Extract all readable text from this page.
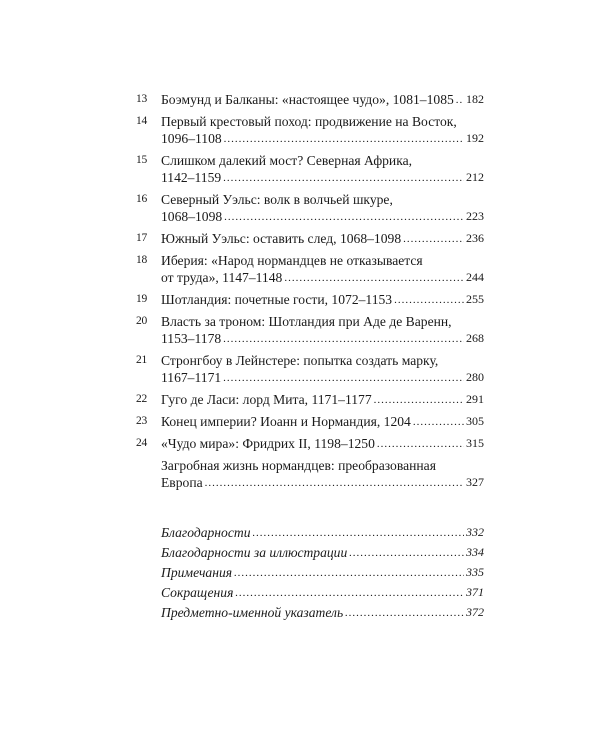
13	Боэмунд и Балканы: «настоящее чудо», 1081–1085 ..... 182
14	Первый крестовый поход: продвижение на Восток,
1096–1108 .....	192
15	Слишком далекий мост? Северная Африка,
1142–1159 .....	212
16	Северный Уэльс: волк в волчьей шкуре,
1068–1098 .....	223
17	Южный Уэльс: оставить след, 1068–1098 .....	236
18	Иберия: «Народ нормандцев не отказывается
от труда», 1147–1148 .....	244
19	Шотландия: почетные гости, 1072–1153 .....	255
20	Власть за троном: Шотландия при Аде де Варенн,
1153–1178 .....	268
21	Стронгбоу в Лейнстере: попытка создать марку,
1167–1171 .....	280
22	Гуго де Ласи: лорд Мита, 1171–1177 .....	291
23	Конец империи? Иоанн и Нормандия, 1204 .....	305
24	«Чудо мира»: Фридрих II, 1198–1250 .....	315
Загробная жизнь нормандцев: преобразованная
Европа .....	327
Благодарности .....	332
Благодарности за иллюстрации .....	334
Примечания .....	335
Сокращения .....	371
Предметно-именной указатель .....	372
